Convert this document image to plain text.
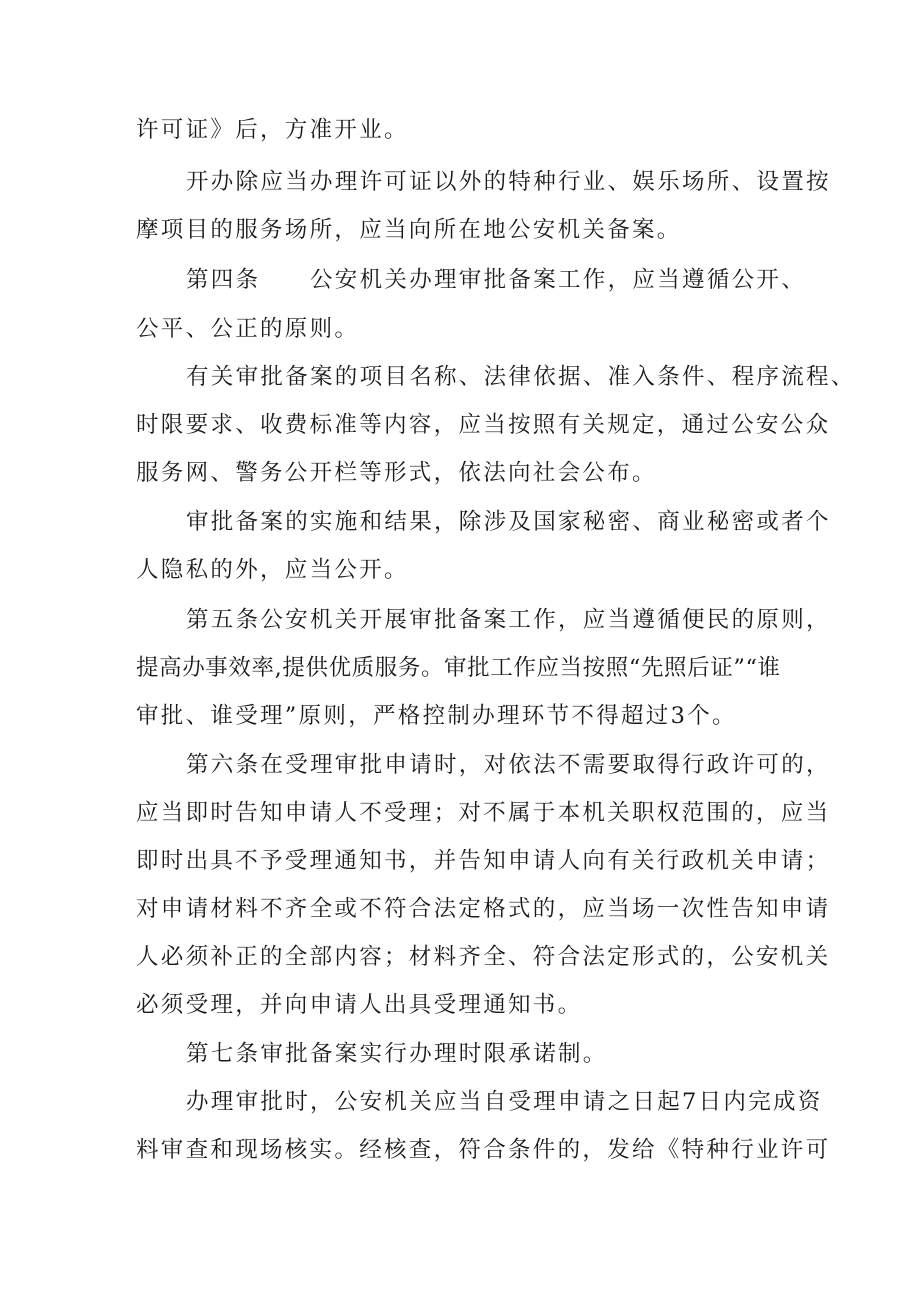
许可证》后，方准开业。
开办除应当办理许可证以外的特种行业、娱乐场所、设置按
摩项目的服务场所，应当向所在地公安机关备案。
第四条　　公安机关办理审批备案工作，应当遵循公开、
公平、公正的原则。
有关审批备案的项目名称、法律依据、准入条件、程序流程、
时限要求、收费标准等内容，应当按照有关规定，通过公安公众
服务网、警务公开栏等形式，依法向社会公布。
审批备案的实施和结果，除涉及国家秘密、商业秘密或者个
人隐私的外，应当公开。
第五条公安机关开展审批备案工作，应当遵循便民的原则，
提高办事效率,提供优质服务。审批工作应当按照“先照后证”“谁
审批、谁受理”原则，严格控制办理环节不得超过3个。
第六条在受理审批申请时，对依法不需要取得行政许可的，
应当即时告知申请人不受理；对不属于本机关职权范围的，应当
即时出具不予受理通知书，并告知申请人向有关行政机关申请；
对申请材料不齐全或不符合法定格式的，应当场一次性告知申请
人必须补正的全部内容；材料齐全、符合法定形式的，公安机关
必须受理，并向申请人出具受理通知书。
第七条审批备案实行办理时限承诺制。
办理审批时，公安机关应当自受理申请之日起7日内完成资
料审查和现场核实。经核查，符合条件的，发给《特种行业许可
